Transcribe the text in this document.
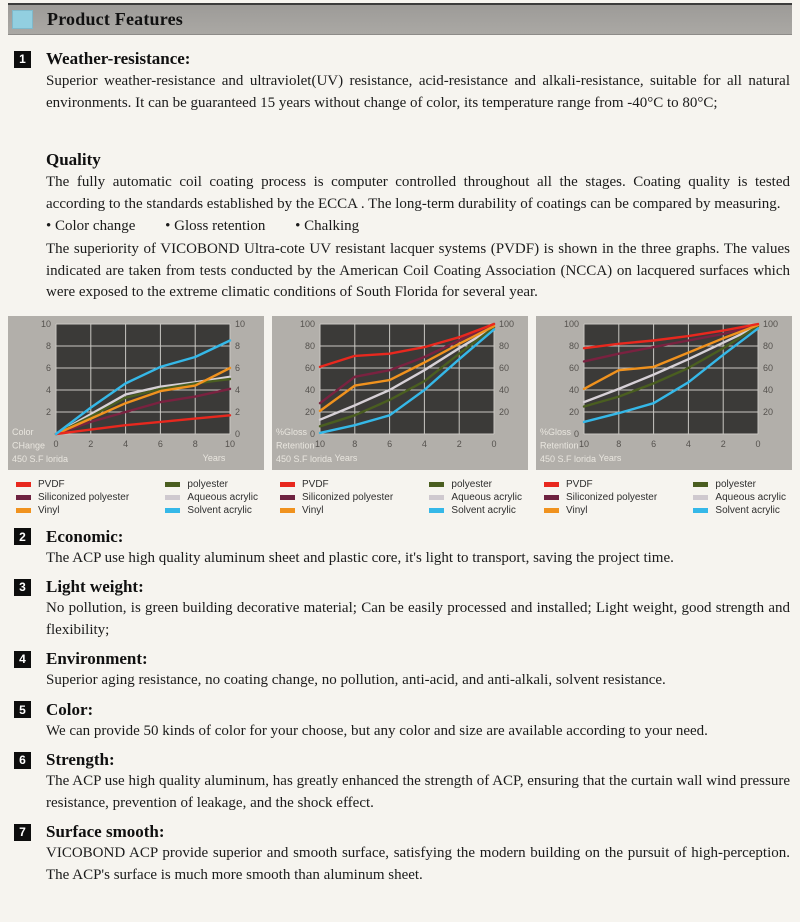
Product Features
1	Weather-resistance:

Superior weather-resistance and ultraviolet(UV) resistance, acid-resistance and alkali-resistance, suitable for all natural environments. It can be guaranteed 15 years without change of color, its temperature range from -40°C to 80°C;

Quality

The fully automatic coil coating process is computer controlled throughout all the stages. Coating quality is tested according to the standards established by the ECCA . The long-term durability of coatings can be compared by measuring.

• Color change • Gloss retention • Chalking

The superiority of VICOBOND Ultra-cote UV resistant lacquer systems (PVDF) is shown in the three graphs. The values indicated are taken from tests conducted by the American Coil Coating Association (NCCA) on lacquered surfaces which were exposed to the extreme climatic conditions of South Florida for several year.

10
8
6
4
2
10
8
6
4
2
0
0	2	4	6	8	10
Color
CHange
450 S.F lorida	Years
PVDF
Siliconized polyester
Vinyl
polyester
Aqueous acrylic
Solvent acrylic
100
80
60
40
20
0
100
80
60
40
20
10	8	6	4	2	0
%Gloss
Retention
450 S.F lorida Years
PVDF
Siliconized polyester
Vinyl
polyester
Aqueous acrylic
Solvent acrylic
100
80
60
40
20
0
100
80
60
40
20
10	8	6	4	2	0
%Gloss
Retention
450 S.F lorida Years
PVDF
Siliconized polyester
Vinyl
polyester
Aqueous acrylic
Solvent acrylic
2	Economic:

The ACP use high quality aluminum sheet and plastic core, it's light to transport, saving the project time.

3	Light weight:

No pollution, is green building decorative material; Can be easily processed and installed; Light weight, good strength and flexibility;

4	Environment:

Superior aging resistance, no coating change, no pollution, anti-acid, and anti-alkali, solvent resistance.

5	Color:

We can provide 50 kinds of color for your choose, but any color and size are available according to your need.

6	Strength:

The ACP use high quality aluminum, has greatly enhanced the strength of ACP, ensuring that the curtain wall wind pressure resistance, prevention of leakage, and the shock effect.

7	Surface smooth:

VICOBOND ACP provide superior and smooth surface, satisfying the modern building on the pursuit of high-perception. The ACP's surface is much more smooth than aluminum sheet.
